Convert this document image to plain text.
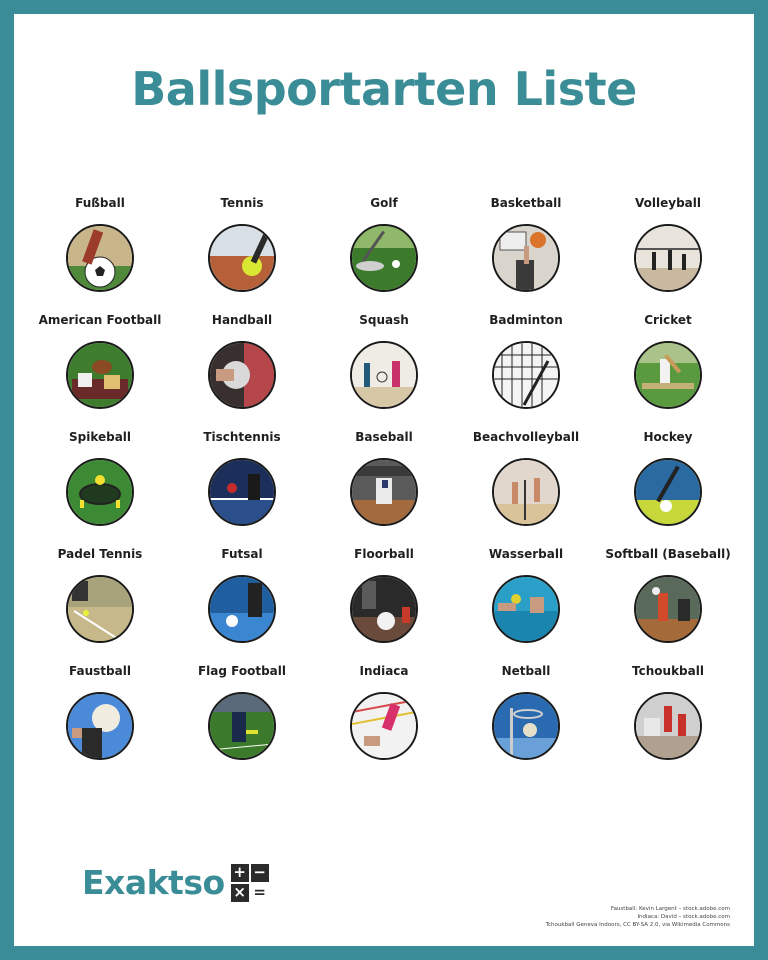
Ballsportarten Liste
Fußball	Tennis	Golf	Basketball	Volleyball
American Football	Handball	Squash	Badminton	Cricket
Spikeball	Tischtennis	Baseball	Beachvolleyball	Hockey
Padel Tennis	Futsal	Floorball	Wasserball	Softball (Baseball)
Faustball	Flag Football	Indiaca	Netball	Tchoukball
Exaktso + −
× =
Faustball: Kevin Largent – stock.adobe.com
Indiaca: David – stock.adobe.com
Tchoukball Geneva Indoors, CC BY-SA 2.0, via Wikimedia Commons
